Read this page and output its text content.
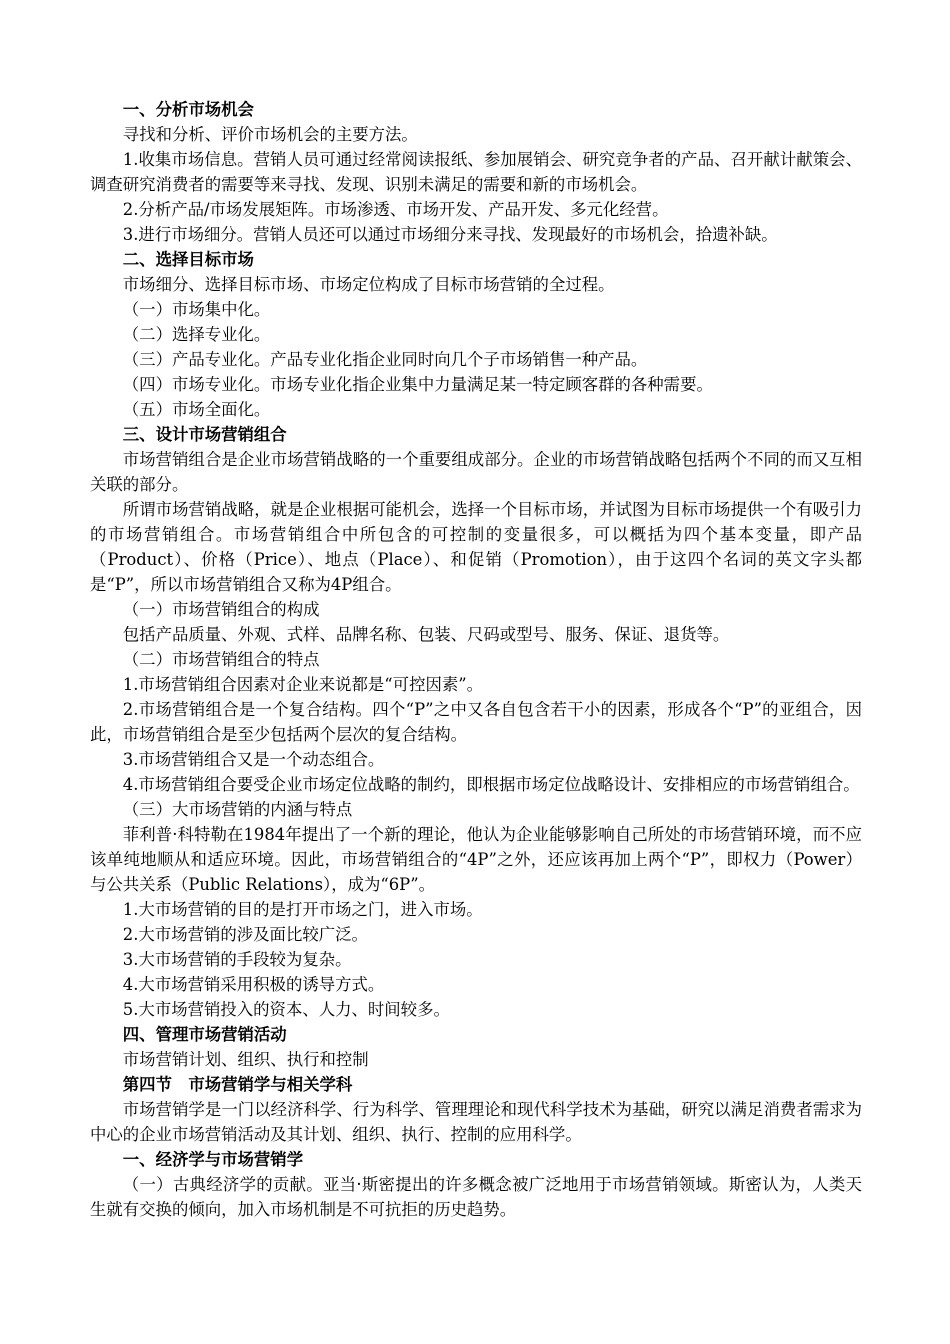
一、分析市场机会

寻找和分析、评价市场机会的主要方法。

1.收集市场信息。营销人员可通过经常阅读报纸、参加展销会、研究竞争者的产品、召开献计献策会、调查研究消费者的需要等来寻找、发现、识别未满足的需要和新的市场机会。

2.分析产品/市场发展矩阵。市场渗透、市场开发、产品开发、多元化经营。

3.进行市场细分。营销人员还可以通过市场细分来寻找、发现最好的市场机会，拾遗补缺。

二、选择目标市场

市场细分、选择目标市场、市场定位构成了目标市场营销的全过程。

（一）市场集中化。

（二）选择专业化。

（三）产品专业化。产品专业化指企业同时向几个子市场销售一种产品。

（四）市场专业化。市场专业化指企业集中力量满足某一特定顾客群的各种需要。

（五）市场全面化。

三、设计市场营销组合

市场营销组合是企业市场营销战略的一个重要组成部分。企业的市场营销战略包括两个不同的而又互相关联的部分。

所谓市场营销战略，就是企业根据可能机会，选择一个目标市场，并试图为目标市场提供一个有吸引力的市场营销组合。市场营销组合中所包含的可控制的变量很多，可以概括为四个基本变量，即产品（Product）、价格（Price）、地点（Place）、和促销（Promotion），由于这四个名词的英文字头都是“P”，所以市场营销组合又称为4P组合。

（一）市场营销组合的构成

包括产品质量、外观、式样、品牌名称、包装、尺码或型号、服务、保证、退货等。

（二）市场营销组合的特点

1.市场营销组合因素对企业来说都是“可控因素”。

2.市场营销组合是一个复合结构。四个“P”之中又各自包含若干小的因素，形成各个“P”的亚组合，因此，市场营销组合是至少包括两个层次的复合结构。

3.市场营销组合又是一个动态组合。

4.市场营销组合要受企业市场定位战略的制约，即根据市场定位战略设计、安排相应的市场营销组合。

（三）大市场营销的内涵与特点

菲利普·科特勒在1984年提出了一个新的理论，他认为企业能够影响自己所处的市场营销环境，而不应该单纯地顺从和适应环境。因此，市场营销组合的“4P”之外，还应该再加上两个“P”，即权力（Power）与公共关系（Public Relations），成为“6P”。

1.大市场营销的目的是打开市场之门，进入市场。

2.大市场营销的涉及面比较广泛。

3.大市场营销的手段较为复杂。

4.大市场营销采用积极的诱导方式。

5.大市场营销投入的资本、人力、时间较多。

四、管理市场营销活动

市场营销计划、组织、执行和控制

第四节　市场营销学与相关学科

市场营销学是一门以经济科学、行为科学、管理理论和现代科学技术为基础，研究以满足消费者需求为中心的企业市场营销活动及其计划、组织、执行、控制的应用科学。

一、经济学与市场营销学

（一）古典经济学的贡献。亚当·斯密提出的许多概念被广泛地用于市场营销领域。斯密认为，人类天生就有交换的倾向，加入市场机制是不可抗拒的历史趋势。
